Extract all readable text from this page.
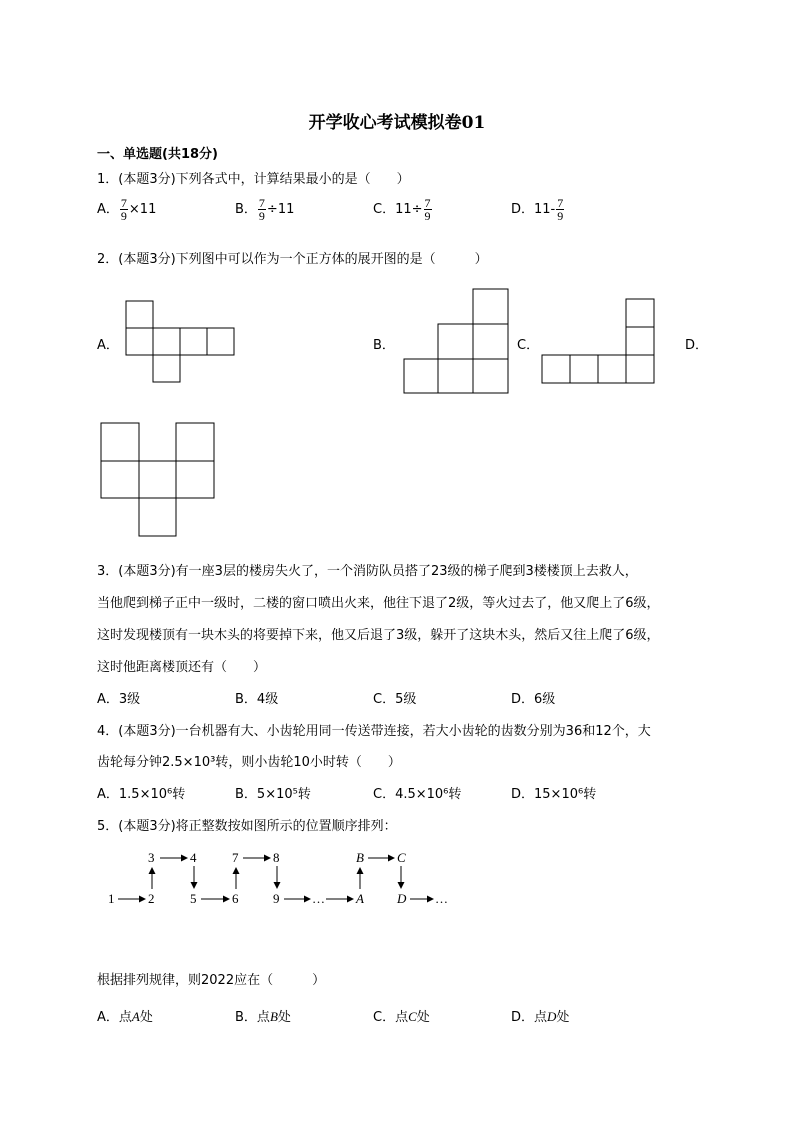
开学收心考试模拟卷01
一、单选题(共18分)
1．(本题3分)下列各式中，计算结果最小的是（　　）
A． $\frac{7}{9} \times 11$	B． $\frac{7}{9} \div 11$	C．$11\div \frac{7}{9}$	D．$11- \frac{7}{9}$
2．(本题3分)下列图中可以作为一个正方体的展开图的是（　　　）
A．	B．	C．	D．
3．(本题3分)有一座3层的楼房失火了，一个消防队员搭了23级的梯子爬到3楼楼顶上去救人，
当他爬到梯子正中一级时，二楼的窗口喷出火来，他往下退了2级，等火过去了，他又爬上了6级，
这时发现楼顶有一块木头的将要掉下来，他又后退了3级，躲开了这块木头，然后又往上爬了6级，
这时他距离楼顶还有（　　）
A．3级	B．4级	C．5级	D．6级
4．(本题3分)一台机器有大、小齿轮用同一传送带连接，若大小齿轮的齿数分别为36和12个，大
齿轮每分钟2.5×10³转，则小齿轮10小时转（　　）
A．1.5×10⁶转	B．5×10⁵转	C．4.5×10⁶转	D．15×10⁶转
5．(本题3分)将正整数按如图所示的位置顺序排列：
1	2
3	4
5	6
7	8
9	… A
B	C
D …
根据排列规律，则2022应在（　　　）
A．点A处	B．点B处	C．点C处	D．点D处
